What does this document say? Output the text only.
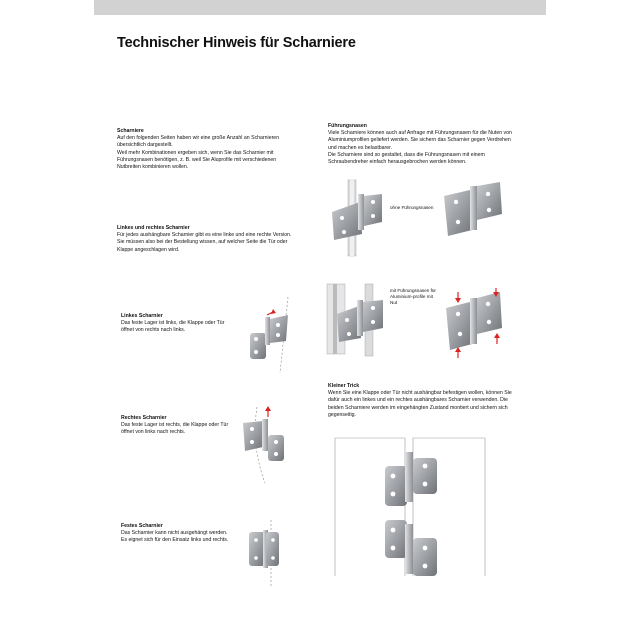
Technischer Hinweis für Scharniere
Scharniere

Auf den folgenden Seiten haben wir eine große Anzahl an Scharnieren übersichtlich dargestellt.

Weil mehr Kombinationen ergeben sich, wenn Sie das Scharnier mit Führungsnasen benötigen, z. B. weil Sie Aluprofile mit verschiedenen Nutbreiten kombinieren wollen.

Linkes und rechtes Scharnier

Für jedes aushängbare Scharnier gibt es eine linke und eine rechte Version. Sie müssen also bei der Bestellung wissen, auf welcher Seite die Tür oder Klappe angeschlagen wird.

Linkes Scharnier

Das feste Lager ist links, die Klappe oder Tür öffnet von rechts nach links.

Rechtes Scharnier

Das feste Lager ist rechts, die Klappe oder Tür öffnet von links nach rechts.

Festes Scharnier

Das Scharnier kann nicht ausgehängt werden. Es eignet sich für den Einsatz links und rechts.

Führungsnasen

Viele Scharniere können auch auf Anfrage mit Führungsnasen für die Nuten von Aluminiumprofilen geliefert werden. Sie sichern das Scharnier gegen Verdrehen und machen es belastbarer.

Die Scharniere sind so gestaltet, dass die Führungsnasen mit einem Schraubendreher einfach herausgebrochen werden können.

Kleiner Trick

Wenn Sie eine Klappe oder Tür nicht aushängbar befestigen wollen, können Sie dafür auch ein linkes und ein rechtes aushängbares Scharnier verwenden. Die beiden Scharniere werden im eingehängten Zustand montiert und sichern sich gegenseitig.

ohne Führungsnasen
mit Führungsnasen für Aluminium-profile mit Nut
